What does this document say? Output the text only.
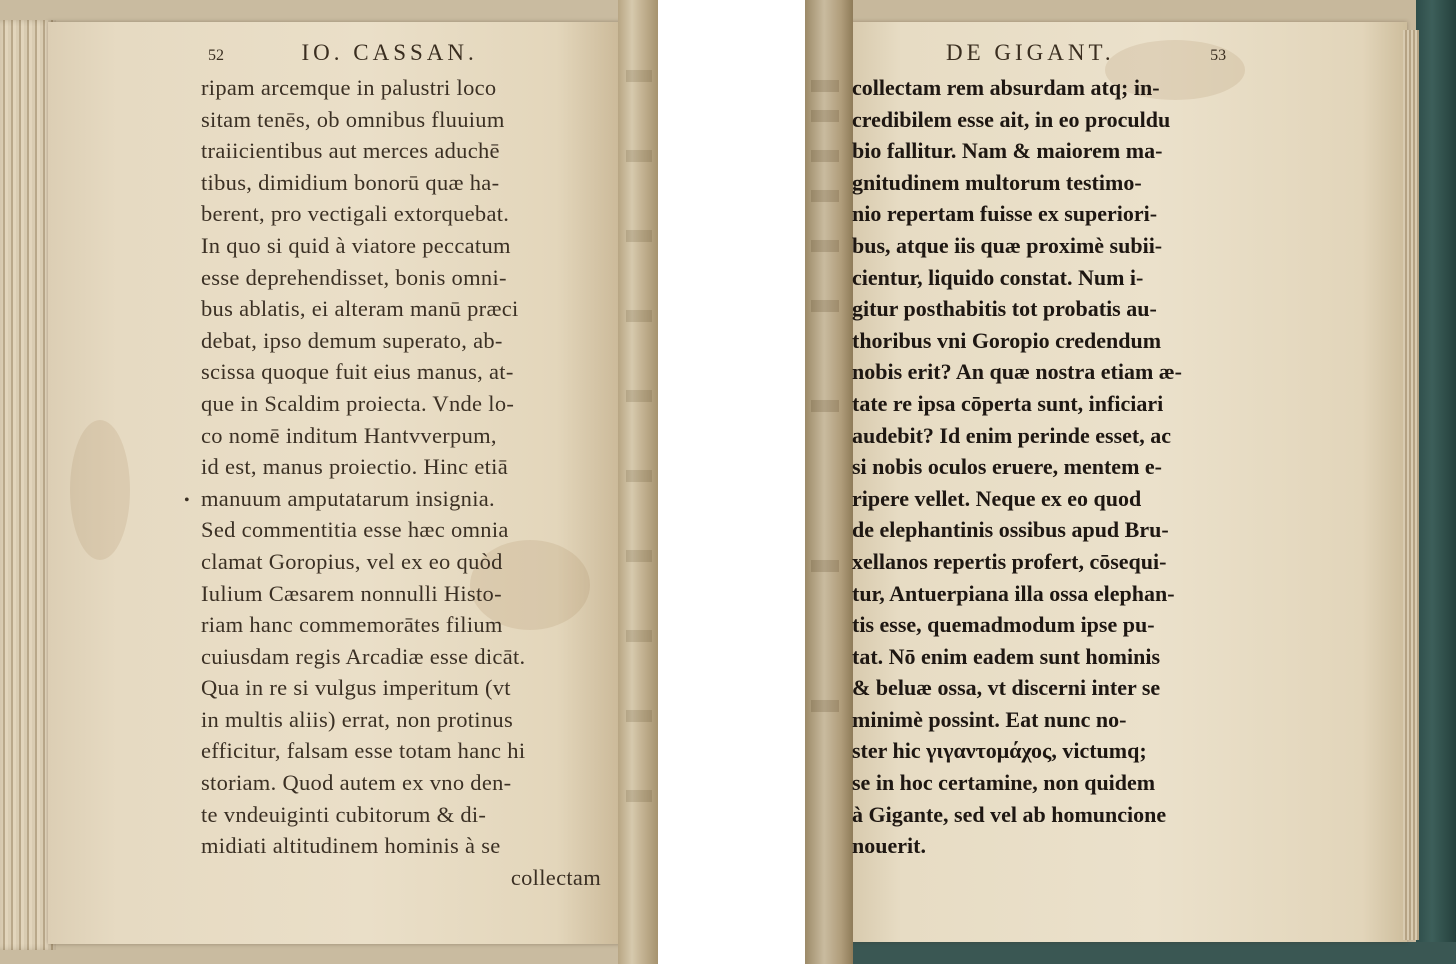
52	IO. CASSAN.
•
ripam arcemque in palustri loco
sitam tenēs, ob omnibus fluuium
traiicientibus aut merces aduchē
tibus, dimidium bonorū quæ ha-
berent, pro vectigali extorquebat.
In quo si quid à viatore peccatum
esse deprehendisset, bonis omni-
bus ablatis, ei alteram manū præci
debat, ipso demum superato, ab-
scissa quoque fuit eius manus, at-
que in Scaldim proiecta. Vnde lo-
co nomē inditum Hantvverpum,
id est, manus proiectio. Hinc etiā
manuum amputatarum insignia.
Sed commentitia esse hæc omnia
clamat Goropius, vel ex eo quòd
Iulium Cæsarem nonnulli Histo-
riam hanc commemorātes filium
cuiusdam regis Arcadiæ esse dicāt.
Qua in re si vulgus imperitum (vt
in multis aliis) errat, non protinus
efficitur, falsam esse totam hanc hi
storiam. Quod autem ex vno den-
te vndeuiginti cubitorum & di-
midiati altitudinem hominis à se
collectam
DE GIGANT.	53
collectam rem absurdam atq; in-
credibilem esse ait, in eo proculdu
bio fallitur. Nam & maiorem ma-
gnitudinem multorum testimo-
nio repertam fuisse ex superiori-
bus, atque iis quæ proximè subii-
cientur, liquido constat. Num i-
gitur posthabitis tot probatis au-
thoribus vni Goropio credendum
nobis erit? An quæ nostra etiam æ-
tate re ipsa cōperta sunt, inficiari
audebit? Id enim perinde esset, ac
si nobis oculos eruere, mentem e-
ripere vellet. Neque ex eo quod
de elephantinis ossibus apud Bru-
xellanos repertis profert, cōsequi-
tur, Antuerpiana illa ossa elephan-
tis esse, quemadmodum ipse pu-
tat. Nō enim eadem sunt hominis
& beluæ ossa, vt discerni inter se
minimè possint. Eat nunc no-
ster hic γιγαντομάχος, victumq;
se in hoc certamine, non quidem
à Gigante, sed vel ab homuncione
nouerit.
